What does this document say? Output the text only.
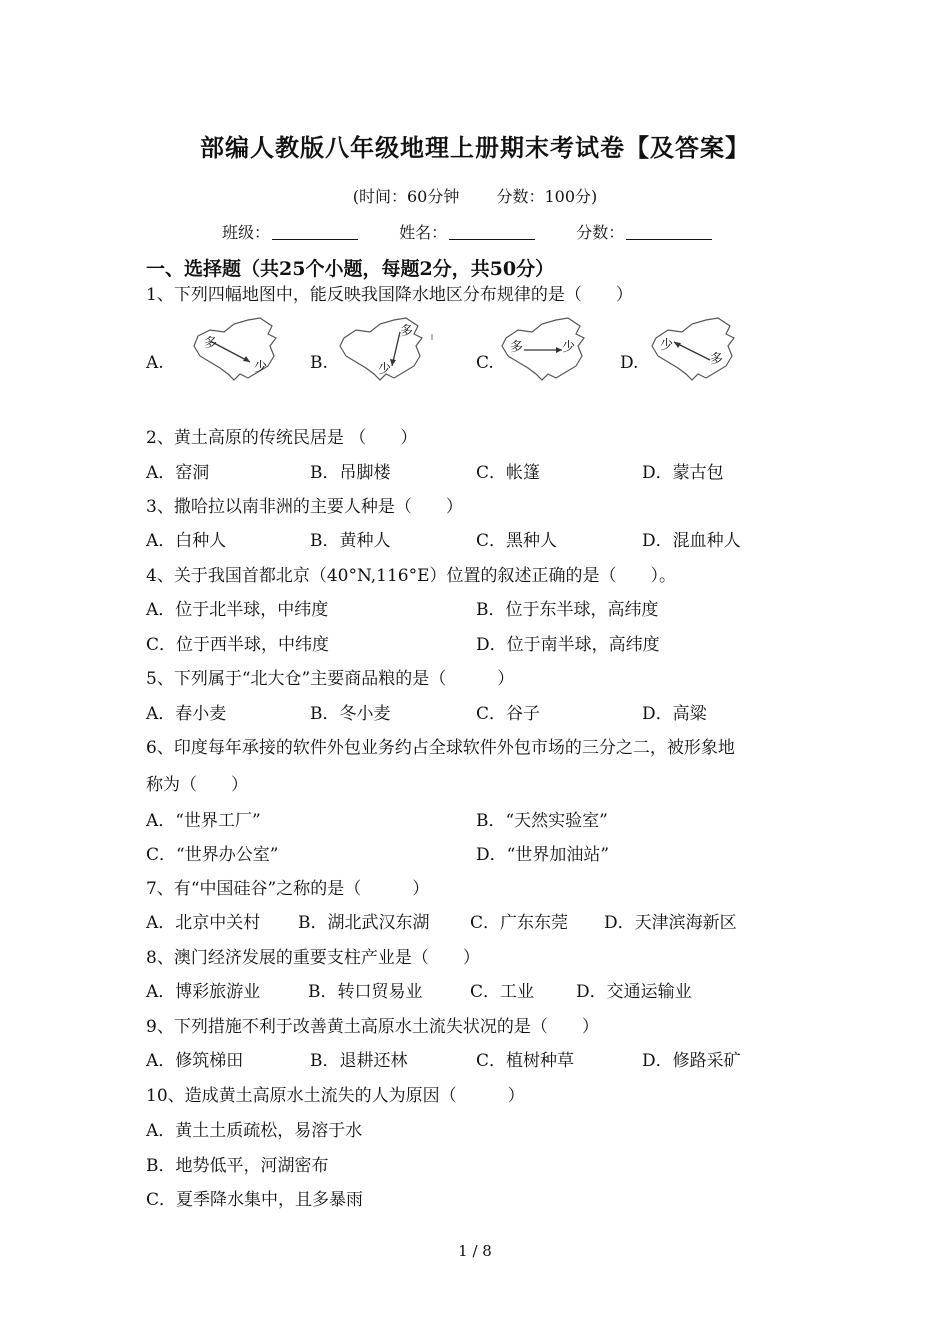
部编人教版八年级地理上册期末考试卷【及答案】
(时间：60分钟 分数：100分)
班级：	姓名：	分数：
一、选择题（共25个小题，每题2分，共50分）
1、下列四幅地图中，能反映我国降水地区分布规律的是（　　）
A.	B.	C.	D.
多
少
多
少
多	少	少
多
2、黄土高原的传统民居是 （　　）
A．窑洞	B．吊脚楼	C．帐篷	D．蒙古包
3、撒哈拉以南非洲的主要人种是（　　）
A．白种人	B．黄种人	C．黑种人	D．混血种人
4、关于我国首都北京（40°N,116°E）位置的叙述正确的是（　　）。
A．位于北半球，中纬度	B．位于东半球，高纬度
C．位于西半球，中纬度	D．位于南半球，高纬度
5、下列属于“北大仓”主要商品粮的是（　　　）
A．春小麦	B．冬小麦	C．谷子	D．高粱
6、印度每年承接的软件外包业务约占全球软件外包市场的三分之二，被形象地
称为（　　）
A．“世界工厂”	B．“天然实验室”
C．“世界办公室”	D．“世界加油站”
7、有“中国硅谷”之称的是（　　　）
A．北京中关村 B．湖北武汉东湖 C．广东东莞 D．天津滨海新区
8、澳门经济发展的重要支柱产业是（　　）
A．博彩旅游业	B．转口贸易业	C．工业 D．交通运输业
9、下列措施不利于改善黄土高原水土流失状况的是（　　）
A．修筑梯田	B．退耕还林	C．植树种草	D．修路采矿
10、造成黄土高原水土流失的人为原因（　　　）
A．黄土土质疏松，易溶于水
B．地势低平，河湖密布
C．夏季降水集中，且多暴雨
1 / 8
